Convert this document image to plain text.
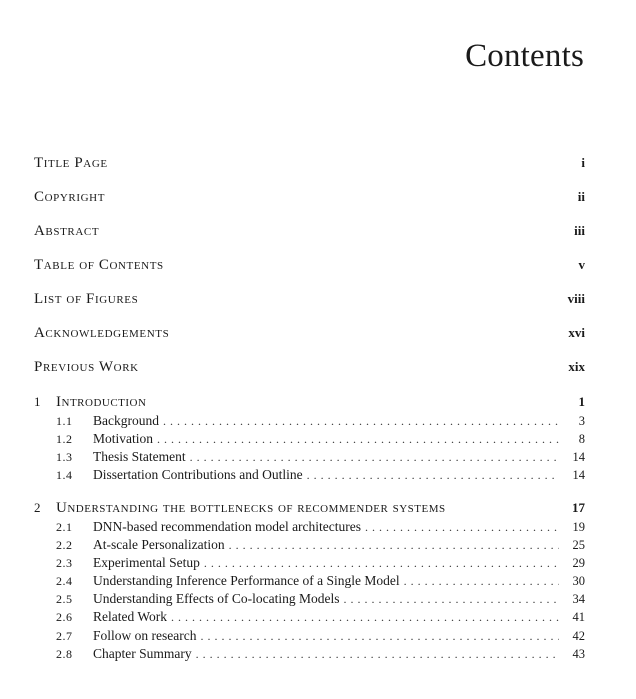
Contents
Title Page	i
Copyright	ii
Abstract	iii
Table of Contents	v
List of Figures	viii
Acknowledgements	xvi
Previous Work	xix
1	Introduction	1
1.1	Background . . .	3
1.2	Motivation . . .	8
1.3	Thesis Statement . . .	14
1.4	Dissertation Contributions and Outline . . .	14
2	Understanding the bottlenecks of recommender systems	17
2.1	DNN-based recommendation model architectures . . .	19
2.2	At-scale Personalization . . .	25
2.3	Experimental Setup . . .	29
2.4	Understanding Inference Performance of a Single Model . . .	30
2.5	Understanding Effects of Co-locating Models . . .	34
2.6	Related Work . . .	41
2.7	Follow on research . . .	42
2.8	Chapter Summary . . .	43
